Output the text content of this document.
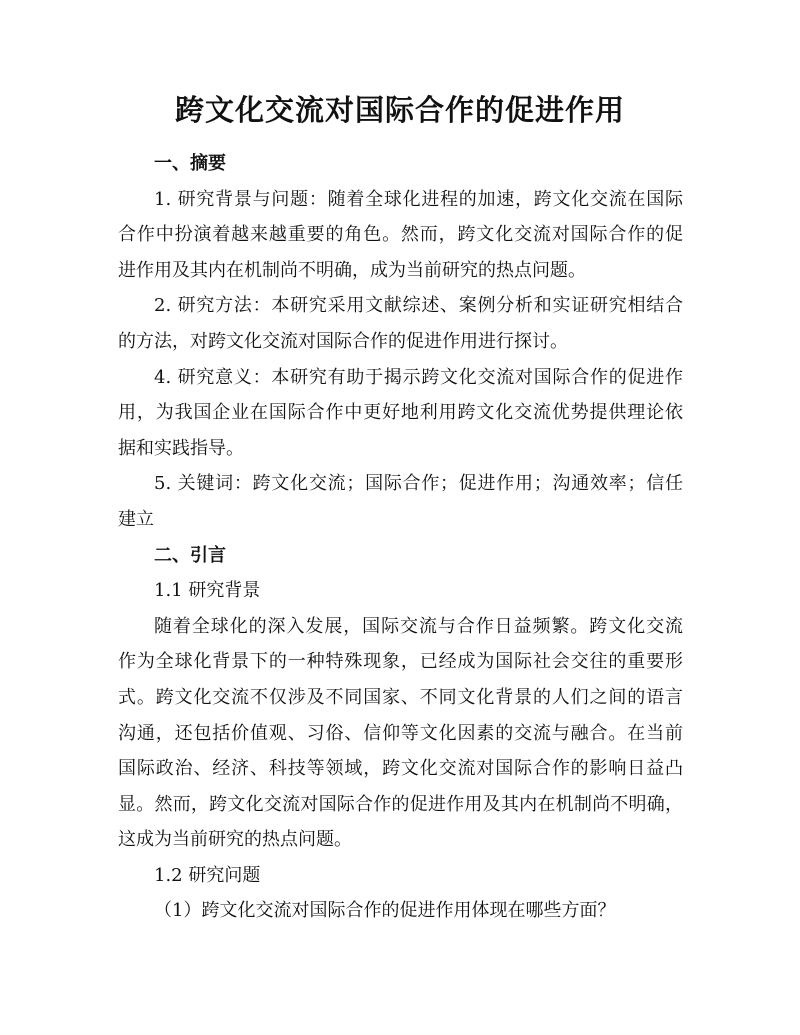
跨文化交流对国际合作的促进作用
一、摘要
1. 研究背景与问题：随着全球化进程的加速，跨文化交流在国际
合作中扮演着越来越重要的角色。然而，跨文化交流对国际合作的促
进作用及其内在机制尚不明确，成为当前研究的热点问题。
2. 研究方法：本研究采用文献综述、案例分析和实证研究相结合
的方法，对跨文化交流对国际合作的促进作用进行探讨。
4. 研究意义：本研究有助于揭示跨文化交流对国际合作的促进作
用，为我国企业在国际合作中更好地利用跨文化交流优势提供理论依
据和实践指导。
5. 关键词：跨文化交流；国际合作；促进作用；沟通效率；信任
建立
二、引言
1.1 研究背景
随着全球化的深入发展，国际交流与合作日益频繁。跨文化交流
作为全球化背景下的一种特殊现象，已经成为国际社会交往的重要形
式。跨文化交流不仅涉及不同国家、不同文化背景的人们之间的语言
沟通，还包括价值观、习俗、信仰等文化因素的交流与融合。在当前
国际政治、经济、科技等领域，跨文化交流对国际合作的影响日益凸
显。然而，跨文化交流对国际合作的促进作用及其内在机制尚不明确，
这成为当前研究的热点问题。
1.2 研究问题
（1）跨文化交流对国际合作的促进作用体现在哪些方面？
